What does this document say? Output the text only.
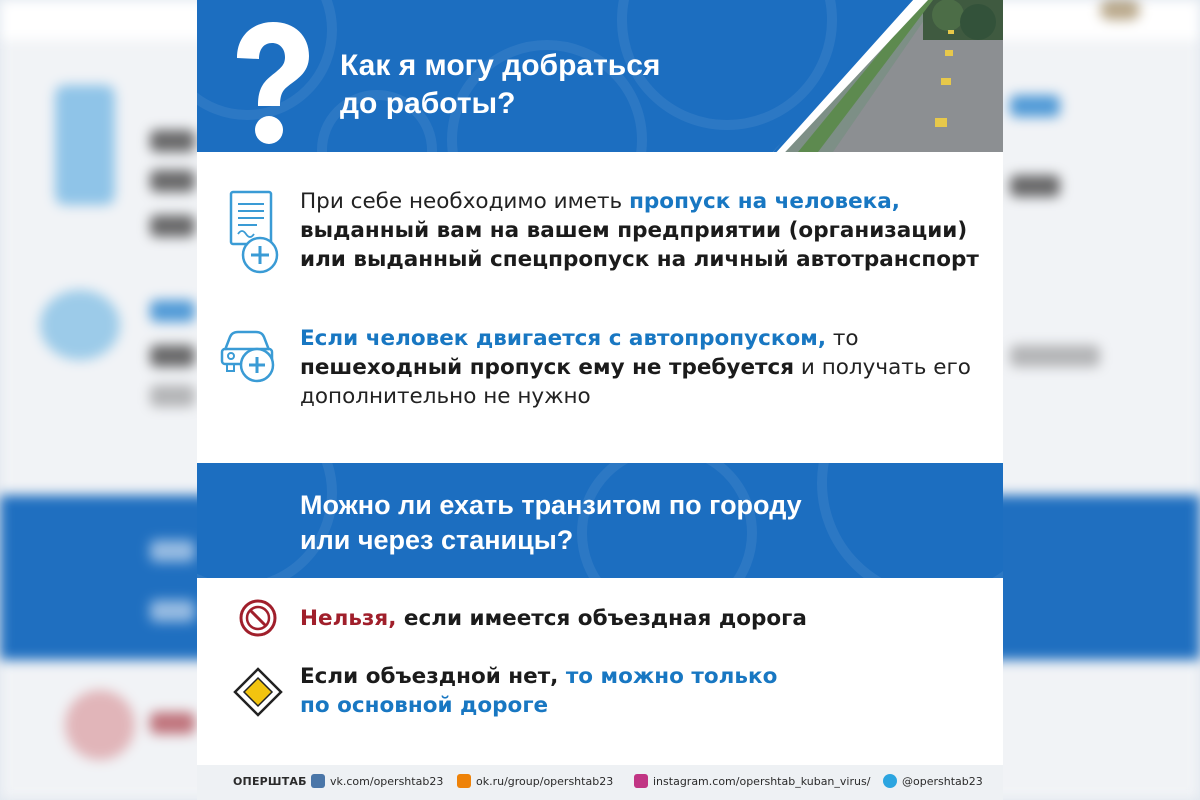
Как я могу добраться
до работы?
При себе необходимо иметь пропуск на человека, выданный вам на вашем предприятии (организации) или выданный спецпропуск на личный автотранспорт
Если человек двигается с автопропуском, то пешеходный пропуск ему не требуется и получать его дополнительно не нужно
Можно ли ехать транзитом по городу
или через станицы?
Нельзя, если имеется объездная дорога
Если объездной нет, то можно только
по основной дороге
ОПЕРШТАБ vk.com/opershtab23	ok.ru/group/opershtab23	instagram.com/opershtab_kuban_virus/	@opershtab23
